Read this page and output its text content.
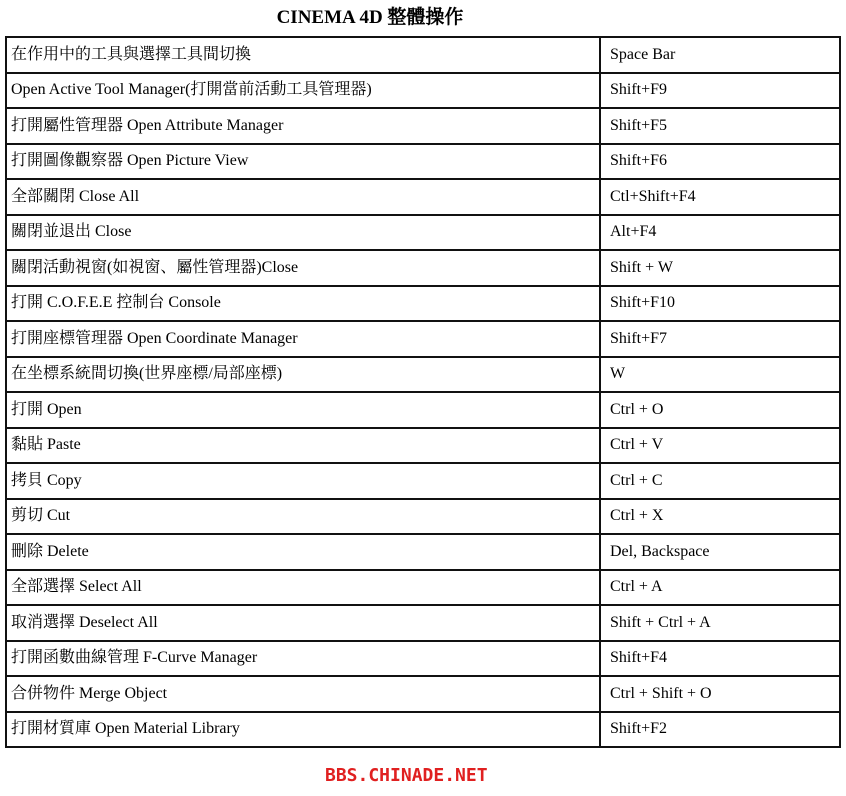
CINEMA 4D 整體操作
在作用中的工具與選擇工具間切換	Space Bar
Open Active Tool Manager(打開當前活動工具管理器)	Shift+F9
打開屬性管理器 Open Attribute Manager	Shift+F5
打開圖像觀察器 Open Picture View	Shift+F6
全部關閉 Close All	Ctl+Shift+F4
關閉並退出 Close	Alt+F4
關閉活動視窗(如視窗、屬性管理器)Close	Shift + W
打開 C.O.F.E.E 控制台 Console	Shift+F10
打開座標管理器 Open Coordinate Manager	Shift+F7
在坐標系統間切換(世界座標/局部座標)	W
打開 Open	Ctrl + O
黏貼 Paste	Ctrl + V
拷貝 Copy	Ctrl + C
剪切 Cut	Ctrl + X
刪除 Delete	Del, Backspace
全部選擇 Select All	Ctrl + A
取消選擇 Deselect All	Shift + Ctrl + A
打開函數曲線管理 F-Curve Manager	Shift+F4
合併物件 Merge Object	Ctrl + Shift + O
打開材質庫 Open Material Library	Shift+F2
BBS.CHINADE.NET
